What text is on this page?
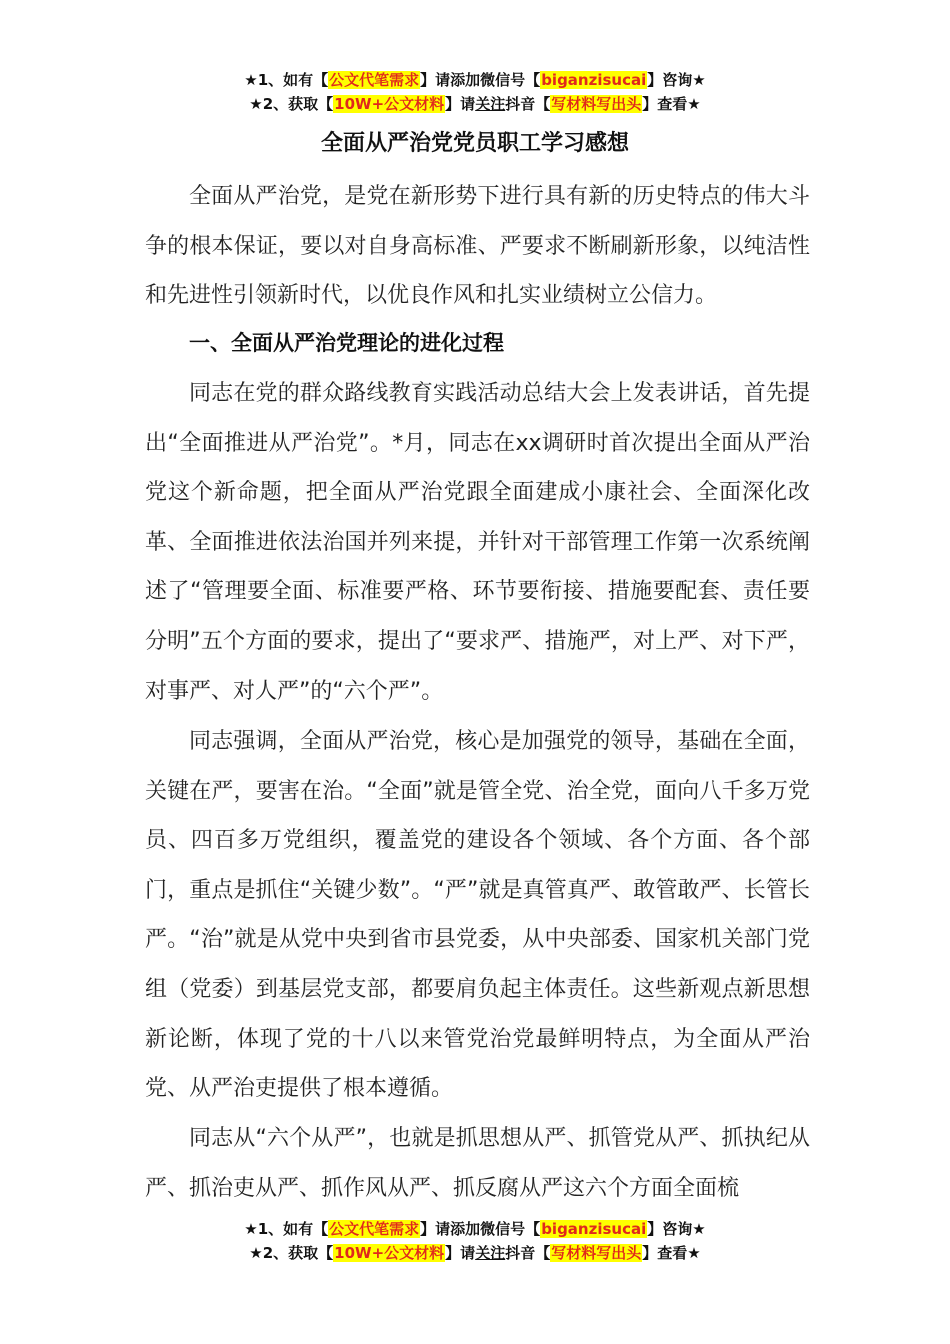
★1、如有【公文代笔需求】请添加微信号【biganzisucai】咨询★
★2、获取【10W+公文材料】请关注抖音【写材料写出头】查看★
全面从严治党党员职工学习感想

全面从严治党，是党在新形势下进行具有新的历史特点的伟大斗争的根本保证，要以对自身高标准、严要求不断刷新形象，以纯洁性和先进性引领新时代，以优良作风和扎实业绩树立公信力。

一、全面从严治党理论的进化过程

同志在党的群众路线教育实践活动总结大会上发表讲话，首先提出“全面推进从严治党”。*月，同志在xx调研时首次提出全面从严治党这个新命题，把全面从严治党跟全面建成小康社会、全面深化改革、全面推进依法治国并列来提，并针对干部管理工作第一次系统阐述了“管理要全面、标准要严格、环节要衔接、措施要配套、责任要分明”五个方面的要求，提出了“要求严、措施严，对上严、对下严，对事严、对人严”的“六个严”。

同志强调，全面从严治党，核心是加强党的领导，基础在全面，关键在严，要害在治。“全面”就是管全党、治全党，面向八千多万党员、四百多万党组织，覆盖党的建设各个领域、各个方面、各个部门，重点是抓住“关键少数”。“严”就是真管真严、敢管敢严、长管长严。“治”就是从党中央到省市县党委，从中央部委、国家机关部门党组（党委）到基层党支部，都要肩负起主体责任。这些新观点新思想新论断，体现了党的十八以来管党治党最鲜明特点，为全面从严治党、从严治吏提供了根本遵循。

同志从“六个从严”，也就是抓思想从严、抓管党从严、抓执纪从严、抓治吏从严、抓作风从严、抓反腐从严这六个方面全面梳

★1、如有【公文代笔需求】请添加微信号【biganzisucai】咨询★
★2、获取【10W+公文材料】请关注抖音【写材料写出头】查看★
